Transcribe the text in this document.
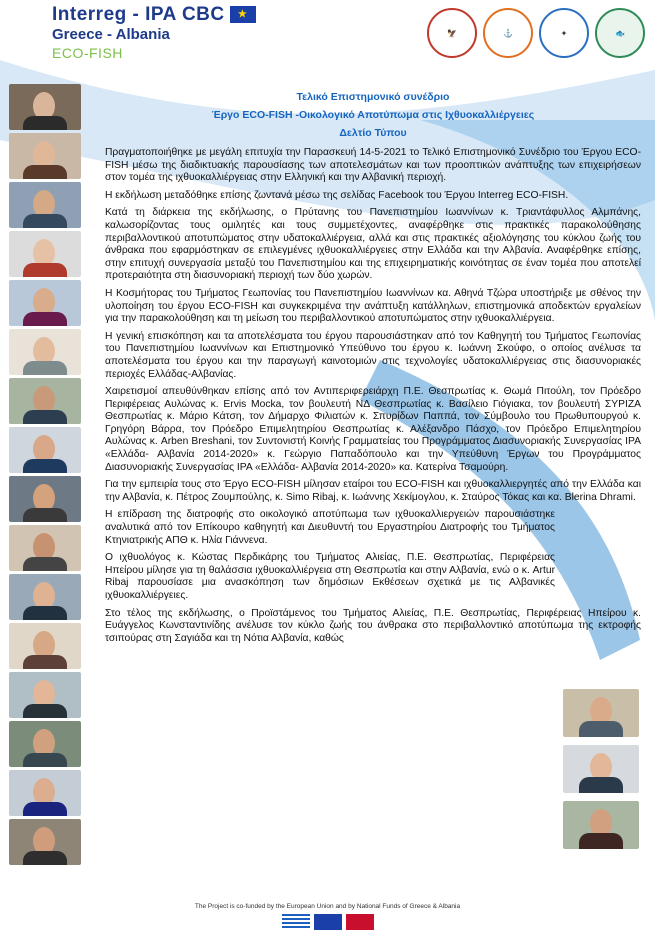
Interreg - IPA CBC	★
Greece - Albania
ECO-FISH
🦅	⚓	✦	🐟
Τελικό Επιστημονικό συνέδριο
Έργο ECO-FISH -Οικολογικό Αποτύπωμα στις Ιχθυοκαλλιέργειες
Δελτίο Τύπου

Πραγματοποιήθηκε με μεγάλη επιτυχία την Παρασκευή 14-5-2021 το Τελικό Επιστημονικό Συνέδριο του Έργου ECO-FISH μέσω της διαδικτυακής παρουσίασης των αποτελεσμάτων και των προοπτικών ανάπτυξης των επιχειρήσεων στον τομέα της ιχθυοκαλλιέργειας στην Ελληνική και την Αλβανική περιοχή.

Η εκδήλωση μεταδόθηκε επίσης ζωντανά μέσω της σελίδας Facebook του Έργου Interreg ECO-FISH.

Κατά τη διάρκεια της εκδήλωσης, ο Πρύτανης του Πανεπιστημίου Ιωαννίνων κ. Τριαντάφυλλος Αλμπάνης, καλωσορίζοντας τους ομιλητές και τους συμμετέχοντες, αναφέρθηκε στις πρακτικές παρακολούθησης περιβαλλοντικού αποτυπώματος στην υδατοκαλλιέργεια, αλλά και στις πρακτικές αξιολόγησης του κύκλου ζωής του άνθρακα που εφαρμόστηκαν σε επιλεγμένες ιχθυοκαλλιέργειες στην Ελλάδα και την Αλβανία. Αναφέρθηκε επίσης, στην επιτυχή συνεργασία μεταξύ του Πανεπιστημίου και της επιχειρηματικής κοινότητας σε έναν τομέα που αποτελεί προτεραιότητα στη διασυνοριακή περιοχή των δύο χωρών.

Η Κοσμήτορας του Τμήματος Γεωπονίας του Πανεπιστημίου Ιωαννίνων κα. Αθηνά Τζώρα υποστήριξε με σθένος την υλοποίηση του έργου ECO-FISH και συγκεκριμένα την ανάπτυξη κατάλληλων, επιστημονικά αποδεκτών εργαλείων για την παρακολούθηση και τη μείωση του περιβαλλοντικού αποτυπώματος στην ιχθυοκαλλιέργεια.

Η γενική επισκόπηση και τα αποτελέσματα του έργου παρουσιάστηκαν από τον Καθηγητή του Τμήματος Γεωπονίας του Πανεπιστημίου Ιωαννίνων και Επιστημονικό Υπεύθυνο του έργου κ. Ιωάννη Σκούφο, ο οποίος ανέλυσε τα αποτελέσματα του έργου και την παραγωγή καινοτομιών στις τεχνολογίες υδατοκαλλιέργειας στις διασυνοριακές περιοχές Ελλάδας-Αλβανίας.

Χαιρετισμοί απευθύνθηκαν επίσης από τον Αντιπεριφερειάρχη Π.Ε. Θεσπρωτίας κ. Θωμά Πιτούλη, τον Πρόεδρο Περιφέρειας Αυλώνας κ. Ervis Mocka, τον βουλευτή ΝΔ Θεσπρωτίας κ. Βασίλειο Γιόγιακα, τον βουλευτή ΣΥΡΙΖΑ Θεσπρωτίας κ. Μάριο Κάτση, τον Δήμαρχο Φιλιατών κ. Σπυρίδων Παππά, τον Σύμβουλο του Πρωθυπουργού κ. Γρηγόρη Βάρρα, τον Πρόεδρο Επιμελητηρίου Θεσπρωτίας κ. Αλέξανδρο Πάσχο, τον Πρόεδρο Επιμελητηρίου Αυλώνας κ. Arben Breshani, τον Συντονιστή Κοινής Γραμματείας του Προγράμματος Διασυνοριακής Συνεργασίας IPA «Ελλάδα- Αλβανία 2014-2020» κ. Γεώργιο Παπαδόπουλο και την Υπεύθυνη Έργων του Προγράμματος Διασυνοριακής Συνεργασίας IPA «Ελλάδα- Αλβανία 2014-2020» κα. Κατερίνα Τσαμούρη.

Για την εμπειρία τους στο Έργο ECO-FISH μίλησαν εταίροι του ECO-FISH και ιχθυοκαλλιεργητές από την Ελλάδα και την Αλβανία, κ. Πέτρος Ζουμπούλης, κ. Simo Ribaj, κ. Ιωάννης Χεκίμογλου, κ. Σταύρος Τόκας και κα. Blerina Dhrami.

Η επίδραση της διατροφής στο οικολογικό αποτύπωμα των ιχθυοκαλλιεργειών παρουσιάστηκε αναλυτικά από τον Επίκουρο καθηγητή και Διευθυντή του Εργαστηρίου Διατροφής του Τμήματος Κτηνιατρικής ΑΠΘ κ. Ηλία Γιάννενα.

Ο ιχθυολόγος κ. Κώστας Περδικάρης του Τμήματος Αλιείας, Π.Ε. Θεσπρωτίας, Περιφέρειας Ηπείρου μίλησε για τη θαλάσσια ιχθυοκαλλιέργεια στη Θεσπρωτία και στην Αλβανία, ενώ ο κ. Artur Ribaj παρουσίασε μια ανασκόπηση των δημόσιων Εκθέσεων σχετικά με τις Αλβανικές ιχθυοκαλλιέργειες.

Στο τέλος της εκδήλωσης, ο Προϊστάμενος του Τμήματος Αλιείας, Π.Ε. Θεσπρωτίας, Περιφέρειας Ηπείρου κ. Ευάγγελος Κωνσταντινίδης ανέλυσε τον κύκλο ζωής του άνθρακα στο περιβαλλοντικό αποτύπωμα της εκτροφής τσιπούρας στη Σαγιάδα και τη Νότια Αλβανία, καθώς

The Project is co-funded by the European Union and by National Funds of Greece & Albania
